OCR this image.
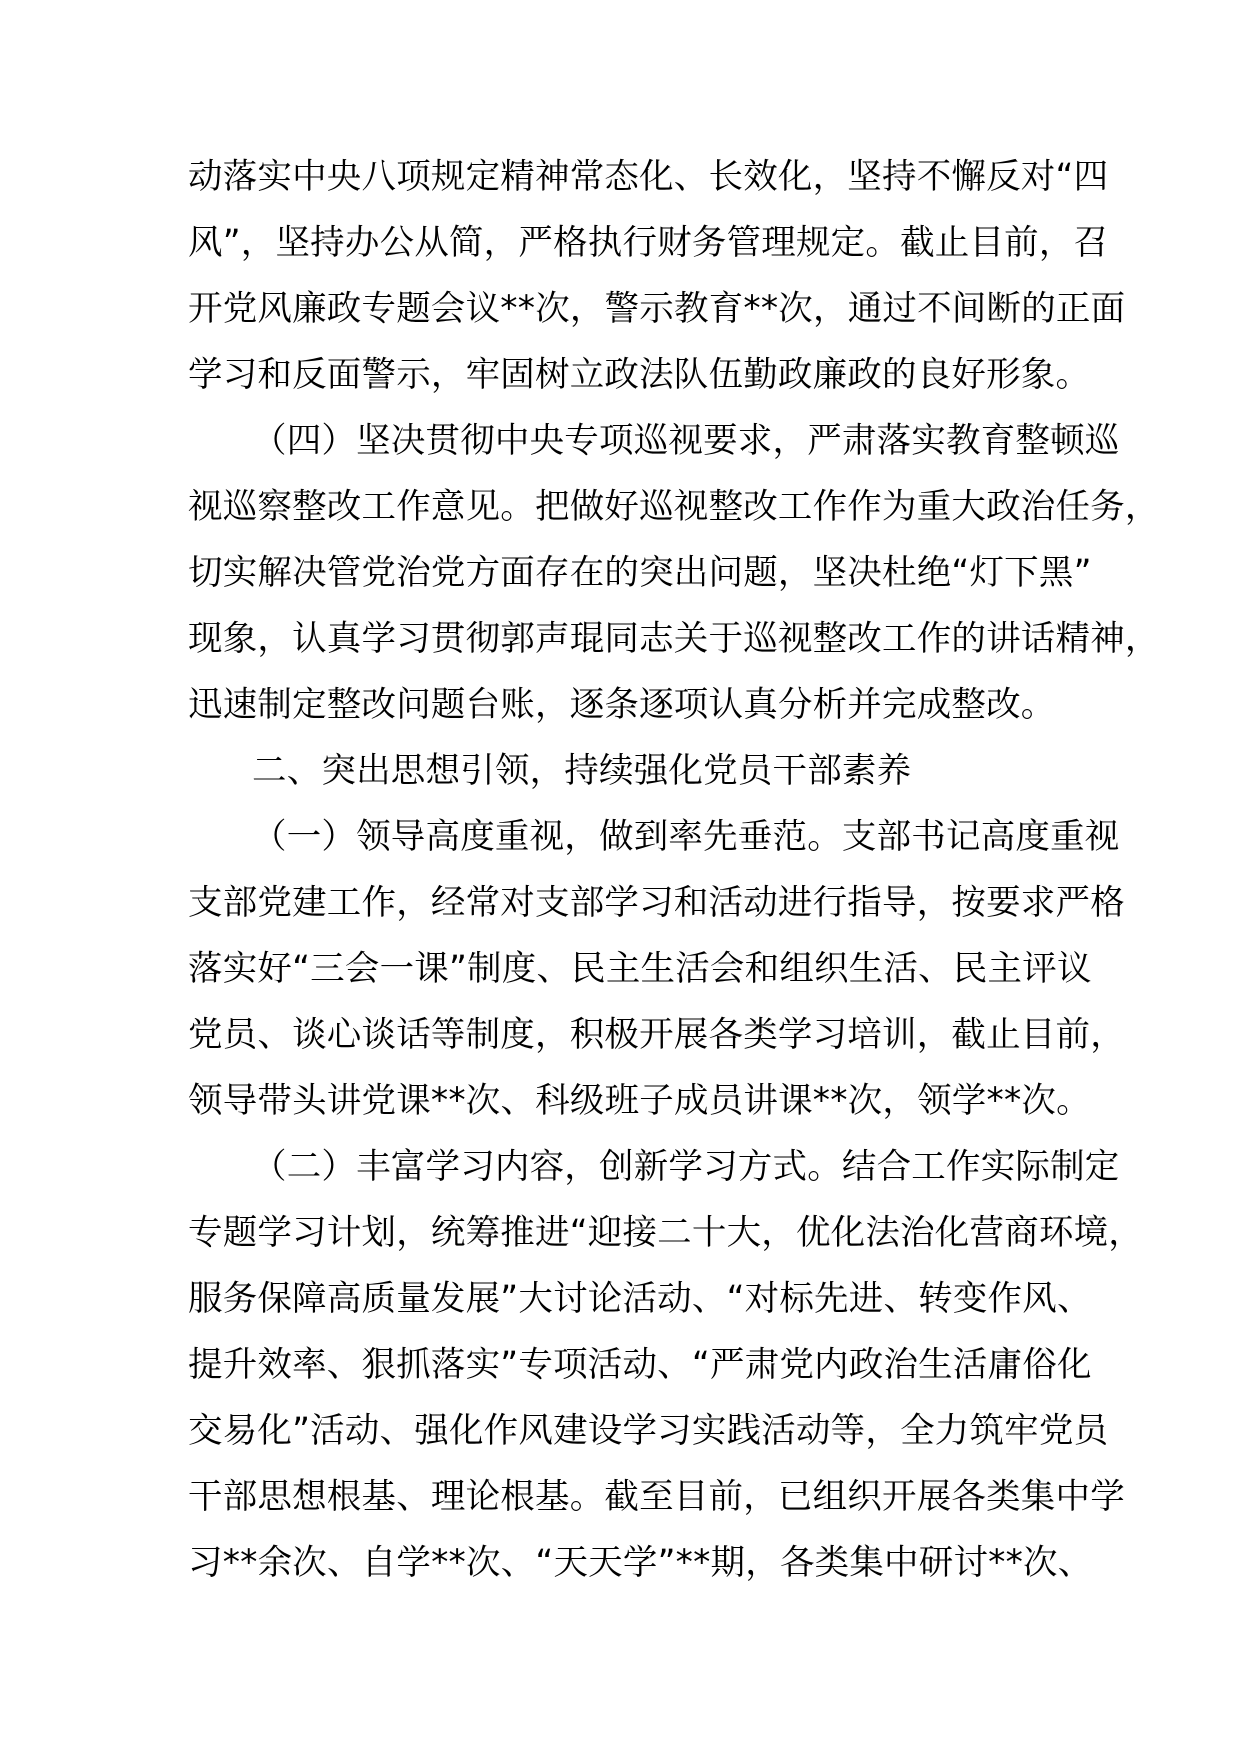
动落实中央八项规定精神常态化、长效化，坚持不懈反对“四
风”，坚持办公从简，严格执行财务管理规定。截止目前，召
开党风廉政专题会议**次，警示教育**次，通过不间断的正面
学习和反面警示，牢固树立政法队伍勤政廉政的良好形象。
（四）坚决贯彻中央专项巡视要求，严肃落实教育整顿巡
视巡察整改工作意见。把做好巡视整改工作作为重大政治任务，
切实解决管党治党方面存在的突出问题，坚决杜绝“灯下黑”
现象，认真学习贯彻郭声琨同志关于巡视整改工作的讲话精神，
迅速制定整改问题台账，逐条逐项认真分析并完成整改。
二、突出思想引领，持续强化党员干部素养
（一）领导高度重视，做到率先垂范。支部书记高度重视
支部党建工作，经常对支部学习和活动进行指导，按要求严格
落实好“三会一课”制度、民主生活会和组织生活、民主评议
党员、谈心谈话等制度，积极开展各类学习培训，截止目前，
领导带头讲党课**次、科级班子成员讲课**次，领学**次。
（二）丰富学习内容，创新学习方式。结合工作实际制定
专题学习计划，统筹推进“迎接二十大，优化法治化营商环境，
服务保障高质量发展”大讨论活动、“对标先进、转变作风、
提升效率、狠抓落实”专项活动、“严肃党内政治生活庸俗化
交易化”活动、强化作风建设学习实践活动等，全力筑牢党员
干部思想根基、理论根基。截至目前，已组织开展各类集中学
习**余次、自学**次、“天天学”**期，各类集中研讨**次、
